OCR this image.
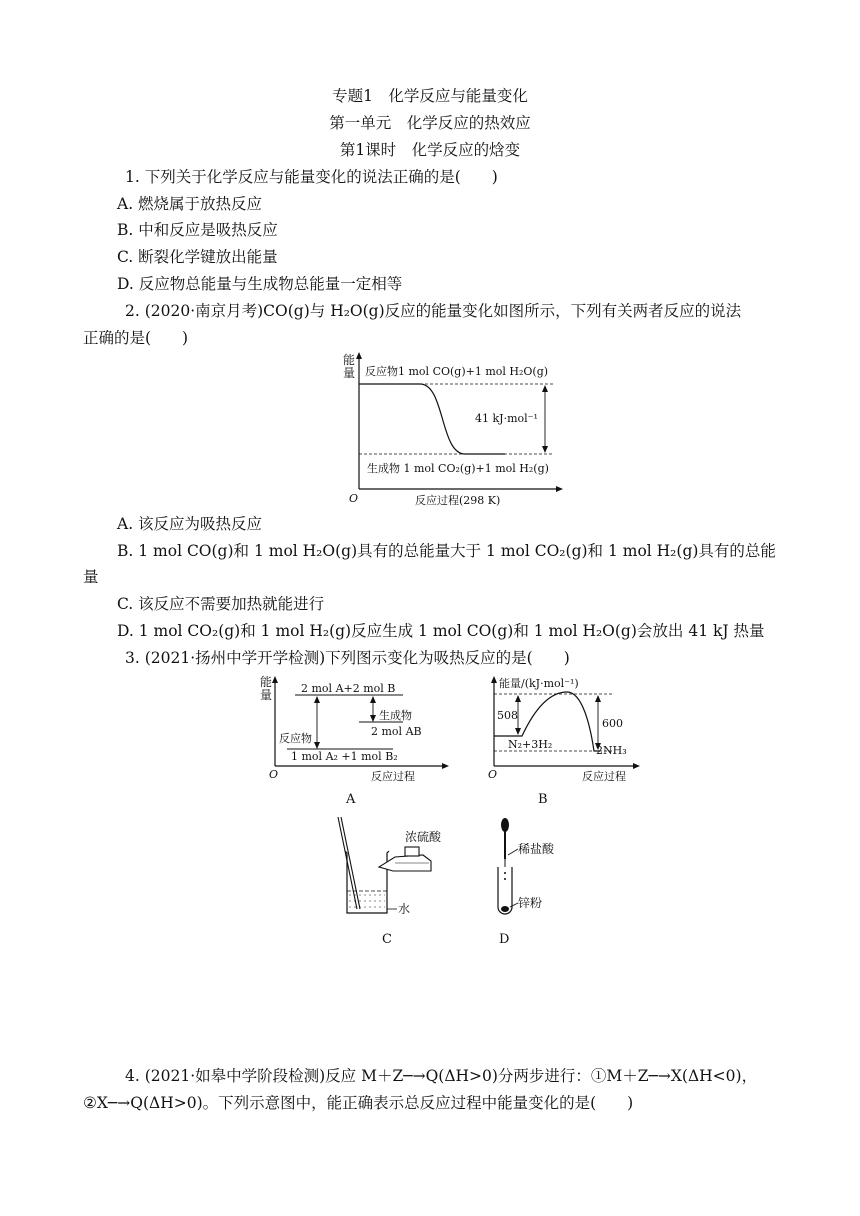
专题1　化学反应与能量变化
第一单元　化学反应的热效应
第1课时　化学反应的焓变
1. 下列关于化学反应与能量变化的说法正确的是(　　)
A. 燃烧属于放热反应
B. 中和反应是吸热反应
C. 断裂化学键放出能量
D. 反应物总能量与生成物总能量一定相等
2. (2020·南京月考)CO(g)与 H₂O(g)反应的能量变化如图所示，下列有关两者反应的说法
正确的是(　　)
能
量 反应物1 mol CO(g)+1 mol H₂O(g)
41 kJ·mol⁻¹
生成物 1 mol CO₂(g)+1 mol H₂(g)
O	反应过程(298 K)
A. 该反应为吸热反应
B. 1 mol CO(g)和 1 mol H₂O(g)具有的总能量大于 1 mol CO₂(g)和 1 mol H₂(g)具有的总能
量
C. 该反应不需要加热就能进行
D. 1 mol CO₂(g)和 1 mol H₂(g)反应生成 1 mol CO(g)和 1 mol H₂O(g)会放出 41 kJ 热量
3. (2021·扬州中学开学检测)下列图示变化为吸热反应的是(　　)
能
量	2 mol A+2 mol B
生成物
2 mol AB
反应物
1 mol A₂ +1 mol B₂
O	反应过程
A
能量/(kJ·mol⁻¹)
508
600
N₂+3H₂	2NH₃
O	反应过程
B
水
浓硫酸
C
稀盐酸
锌粉
D
4. (2021·如皋中学阶段检测)反应 M＋Z─→Q(ΔH>0)分两步进行：①M＋Z─→X(ΔH<0)，
②X─→Q(ΔH>0)。下列示意图中，能正确表示总反应过程中能量变化的是(　　)
